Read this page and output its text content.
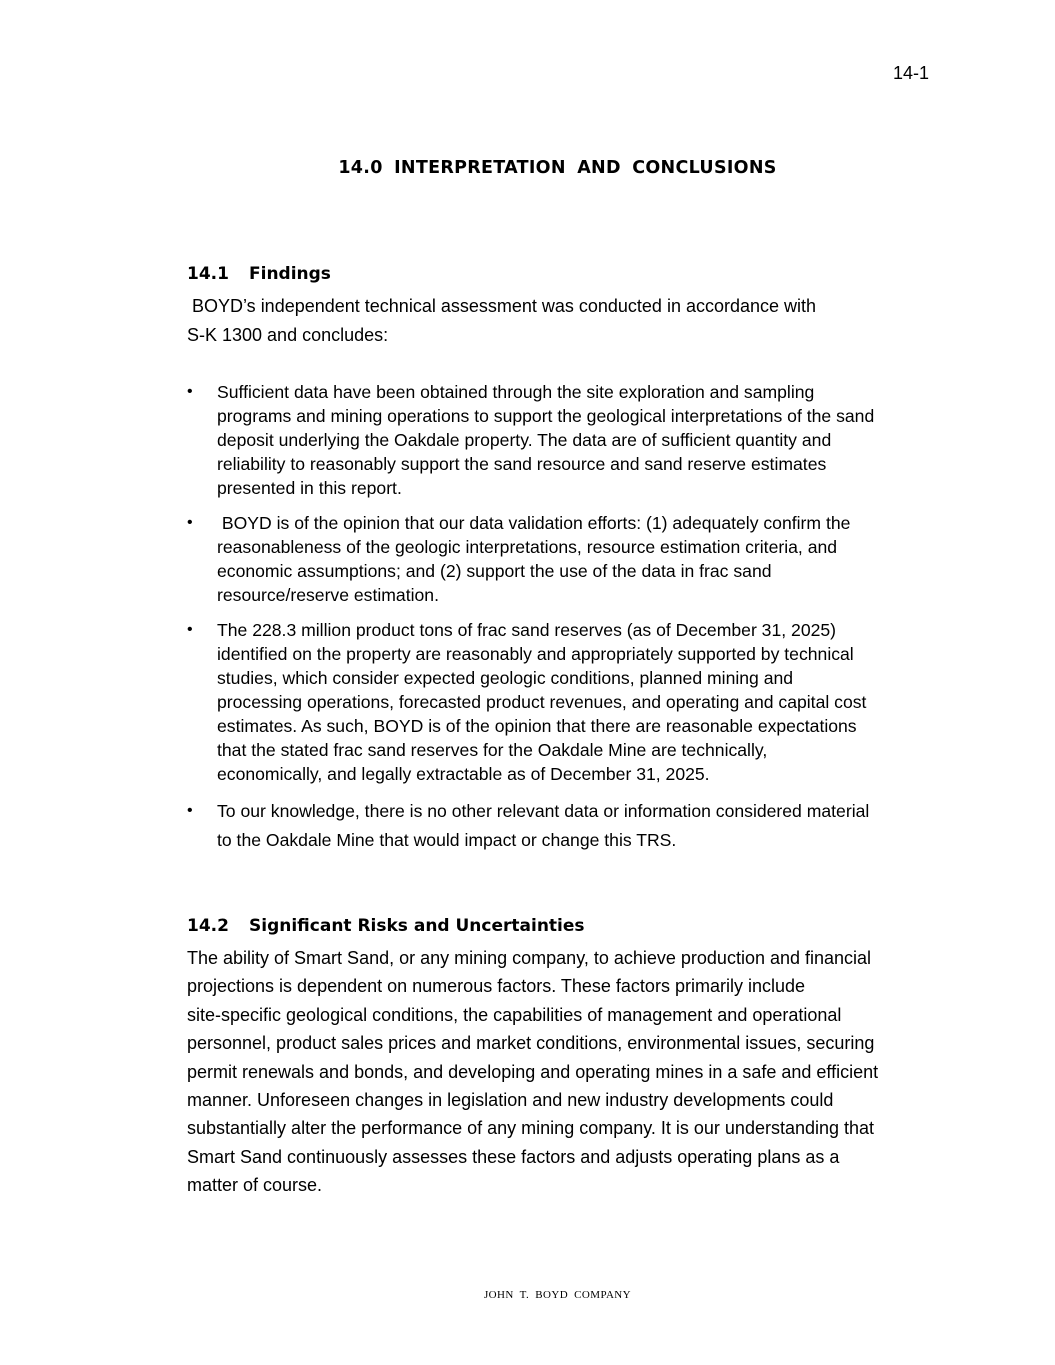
14-1
14.0 INTERPRETATION AND CONCLUSIONS
14.1 Findings
BOYD’s independent technical assessment was conducted in accordance with
S-K 1300 and concludes:
• Sufficient data have been obtained through the site exploration and sampling
programs and mining operations to support the geological interpretations of the sand
deposit underlying the Oakdale property. The data are of sufficient quantity and
reliability to reasonably support the sand resource and sand reserve estimates
presented in this report.
• BOYD is of the opinion that our data validation efforts: (1) adequately confirm the
reasonableness of the geologic interpretations, resource estimation criteria, and
economic assumptions; and (2) support the use of the data in frac sand
resource/reserve estimation.
• The 228.3 million product tons of frac sand reserves (as of December 31, 2025)
identified on the property are reasonably and appropriately supported by technical
studies, which consider expected geologic conditions, planned mining and
processing operations, forecasted product revenues, and operating and capital cost
estimates. As such, BOYD is of the opinion that there are reasonable expectations
that the stated frac sand reserves for the Oakdale Mine are technically,
economically, and legally extractable as of December 31, 2025.
• To our knowledge, there is no other relevant data or information considered material
to the Oakdale Mine that would impact or change this TRS.
14.2 Significant Risks and Uncertainties
The ability of Smart Sand, or any mining company, to achieve production and financial
projections is dependent on numerous factors. These factors primarily include
site-specific geological conditions, the capabilities of management and operational
personnel, product sales prices and market conditions, environmental issues, securing
permit renewals and bonds, and developing and operating mines in a safe and efficient
manner. Unforeseen changes in legislation and new industry developments could
substantially alter the performance of any mining company. It is our understanding that
Smart Sand continuously assesses these factors and adjusts operating plans as a
matter of course.
JOHN T. BOYD COMPANY
